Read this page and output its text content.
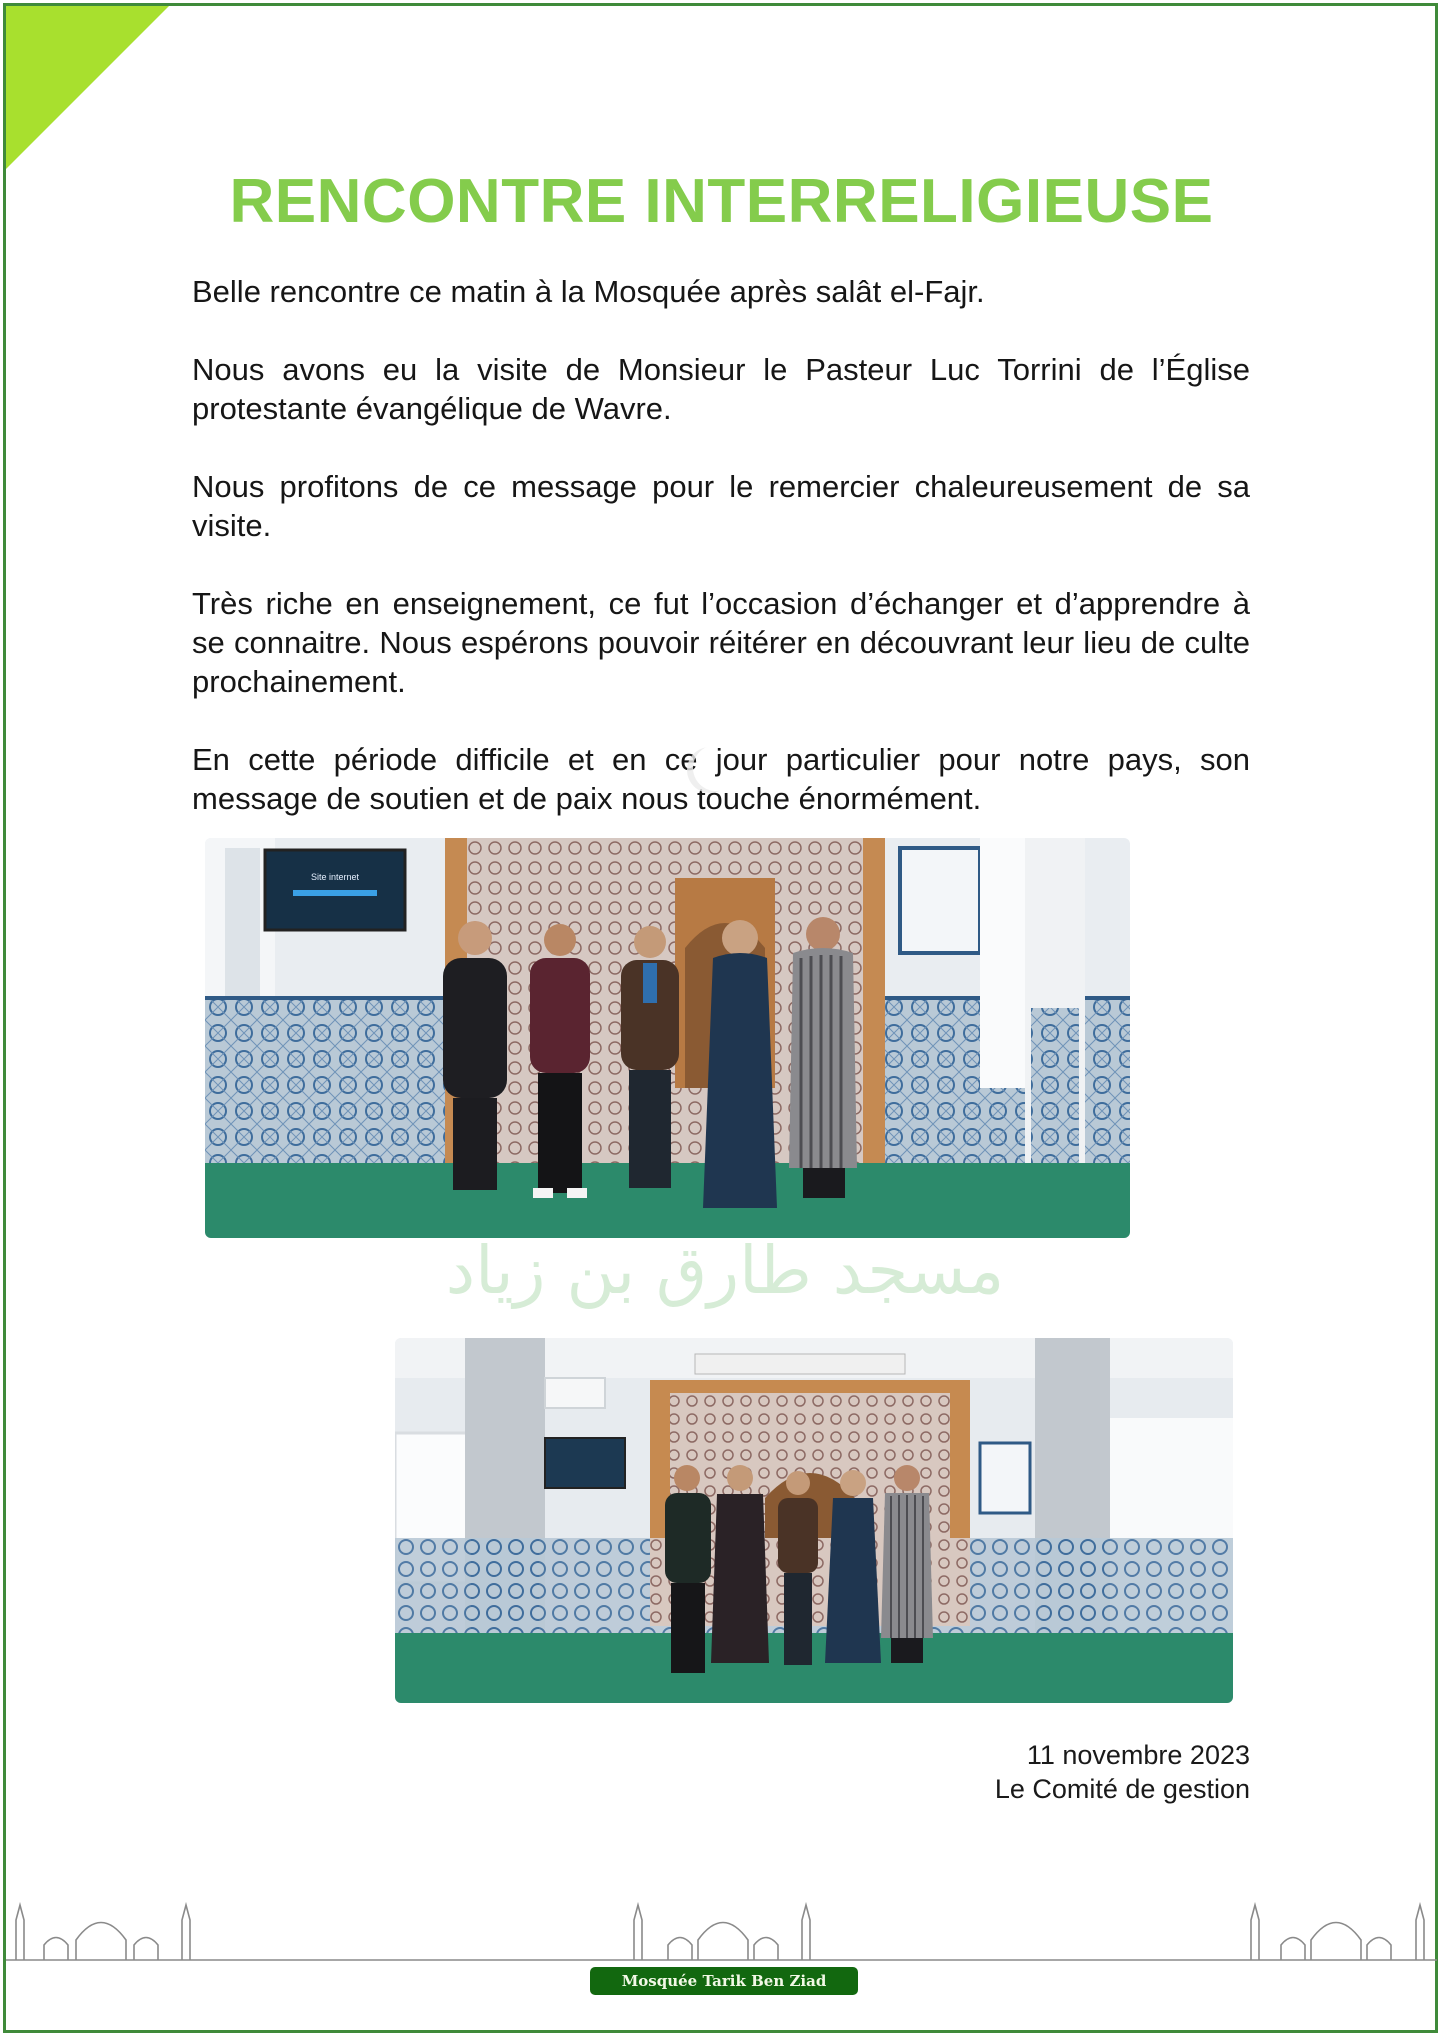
RENCONTRE INTERRELIGIEUSE

Belle rencontre ce matin à la Mosquée après salât el-Fajr.

Nous avons eu la visite de Monsieur le Pasteur Luc Torrini de l’Église protestante évangélique de Wavre.

Nous profitons de ce message pour le remercier chaleureusement de sa visite.

Très riche en enseignement, ce fut l’occasion d’échanger et d’apprendre à se connaitre. Nous espérons pouvoir réitérer en découvrant leur lieu de culte prochainement.

En cette période difficile et en ce jour particulier pour notre pays, son message de soutien et de paix nous touche énormément.

Site internet
مسجد طارق بن زياد
11 novembre 2023
Le Comité de gestion
Mosquée Tarik Ben Ziad
